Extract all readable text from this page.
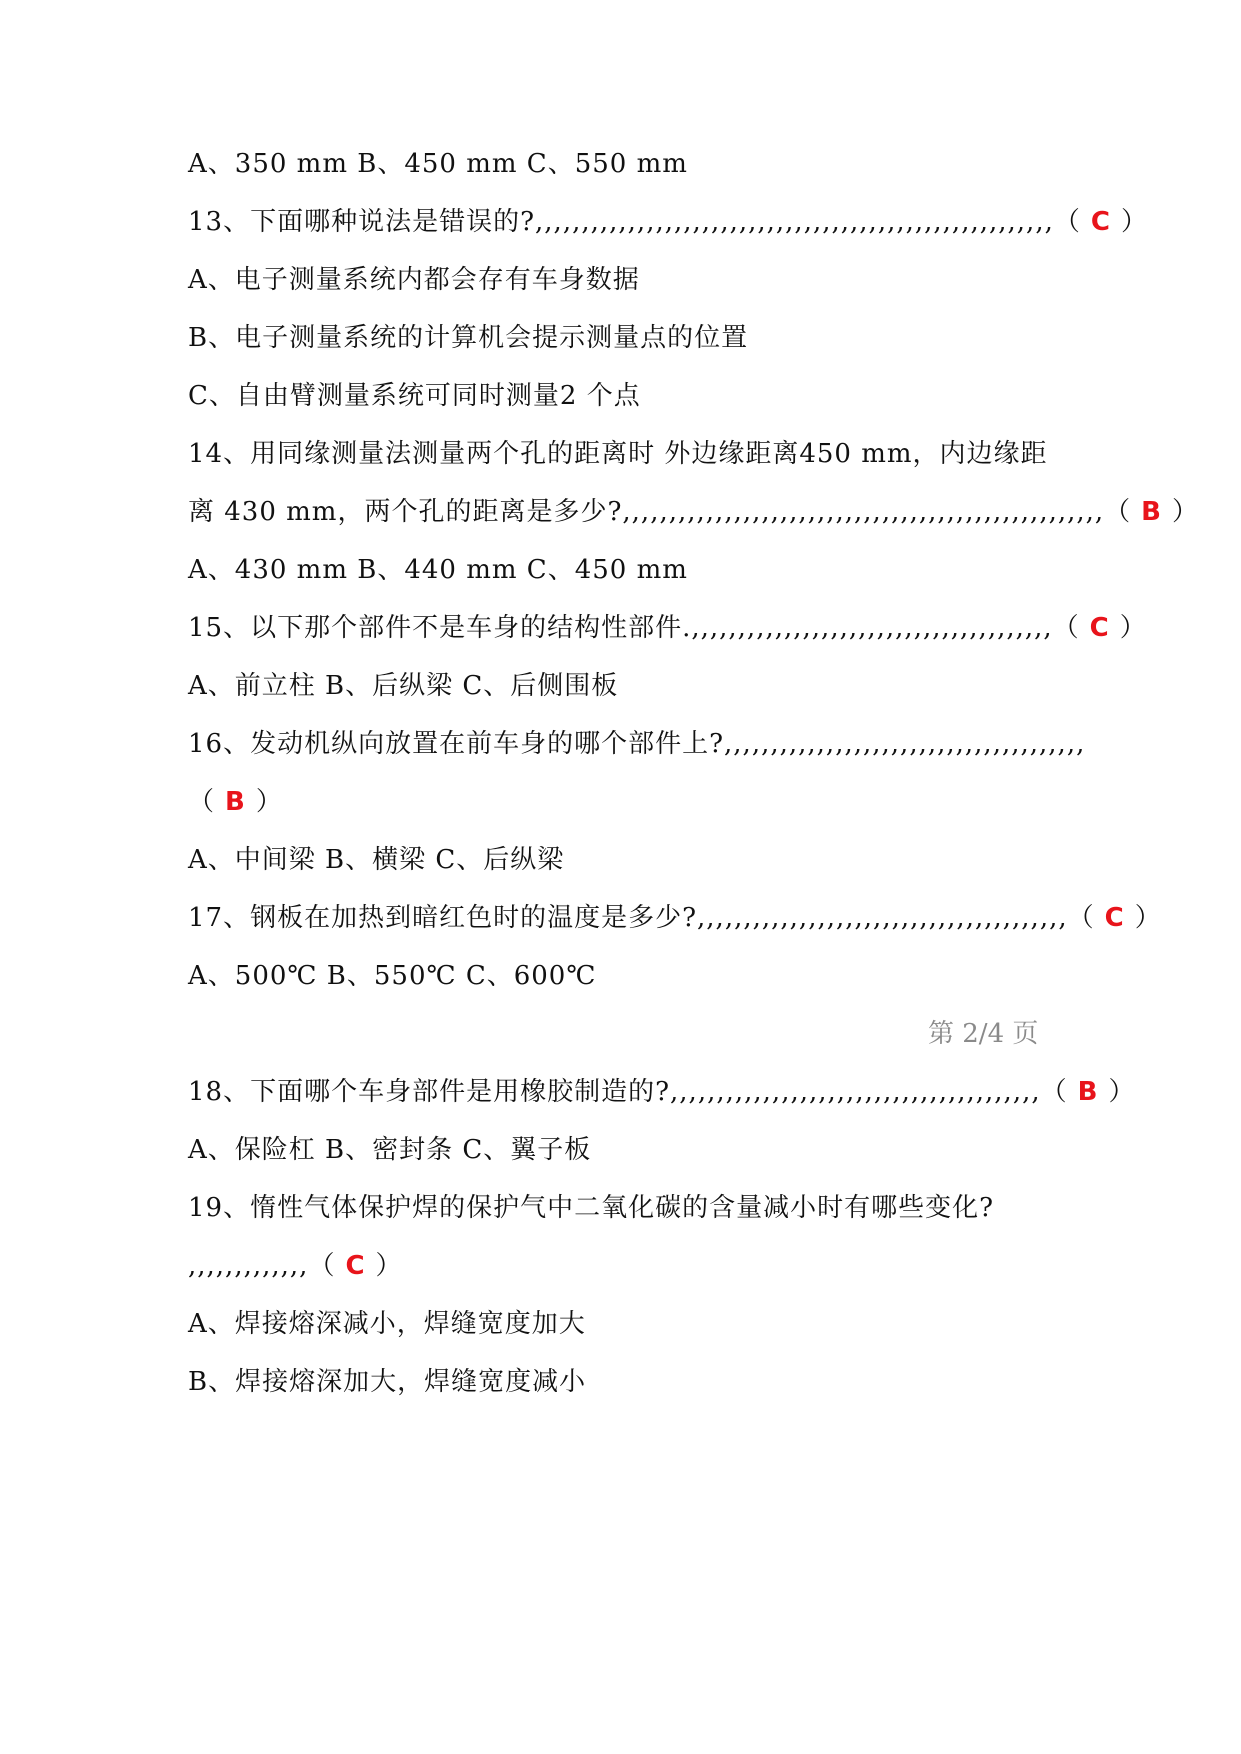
A、350 mm B、450 mm C、550 mm
13、下面哪种说法是错误的?,,,,,,,,,,,,,,,,,,,,,,,,,,,,,,,,,,,,,,,,,,,,,,,,,,,,,,,,（ C ）
A、电子测量系统内都会存有车身数据
B、电子测量系统的计算机会提示测量点的位置
C、自由臂测量系统可同时测量2 个点
14、用同缘测量法测量两个孔的距离时 外边缘距离450 mm，内边缘距
离 430 mm，两个孔的距离是多少?,,,,,,,,,,,,,,,,,,,,,,,,,,,,,,,,,,,,,,,,,,,,,,,,,,,,（ B ）
A、430 mm B、440 mm C、450 mm
15、以下那个部件不是车身的结构性部件.,,,,,,,,,,,,,,,,,,,,,,,,,,,,,,,,,,,,,,,（ C ）
A、前立柱 B、后纵梁 C、后侧围板
16、发动机纵向放置在前车身的哪个部件上?,,,,,,,,,,,,,,,,,,,,,,,,,,,,,,,,,,,,,,,
（ B ）
A、中间梁 B、横梁 C、后纵梁
17、钢板在加热到暗红色时的温度是多少?,,,,,,,,,,,,,,,,,,,,,,,,,,,,,,,,,,,,,,,,（ C ）
A、500℃ B、550℃ C、600℃
第 2/4 页
18、下面哪个车身部件是用橡胶制造的?,,,,,,,,,,,,,,,,,,,,,,,,,,,,,,,,,,,,,,,,（ B ）
A、保险杠 B、密封条 C、翼子板
19、惰性气体保护焊的保护气中二氧化碳的含量减小时有哪些变化?
,,,,,,,,,,,,,（ C ）
A、焊接熔深减小，焊缝宽度加大
B、焊接熔深加大，焊缝宽度减小
